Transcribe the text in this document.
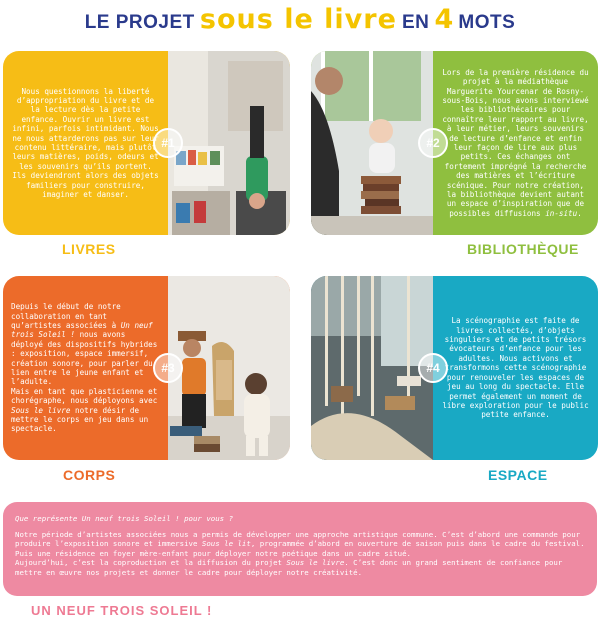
LE PROJET sous le livre EN 4 MOTS

Nous questionnons la liberté d’appropriation du livre et de la lecture dès la petite enfance. Ouvrir un livre est infini, parfois intimidant. Nous ne nous attarderons pas sur leur contenu littéraire, mais plutôt leurs matières, poids, odeurs et les souvenirs qu’ils portent. Ils deviendront alors des objets familiers pour construire, imaginer et danser.

#1
LIVRES
#2

Lors de la première résidence du projet à la médiathèque Marguerite Yourcenar de Rosny-sous-Bois, nous avons interviewé les bibliothécaires pour connaître leur rapport au livre, à leur métier, leurs souvenirs de lecture d’enfance et enfin leur façon de lire aux plus petits. Ces échanges ont fortement imprégné la recherche des matières et l’écriture scénique. Pour notre création, la bibliothèque devient autant un espace d’inspiration que de possibles diffusions in-situ.

BIBLIOTHÈQUE

Depuis le début de notre collaboration en tant qu’artistes associées à Un neuf trois Soleil ! nous avons déployé des dispositifs hybrides : exposition, espace immersif, création sonore, pour parler du lien entre le jeune enfant et l’adulte.
Mais en tant que plasticienne et chorégraphe, nous déployons avec Sous le livre notre désir de mettre le corps en jeu dans un spectacle.

#3
CORPS
#4

La scénographie est faite de livres collectés, d’objets singuliers et de petits trésors évocateurs d’enfance pour les adultes. Nous activons et transformons cette scénographie pour renouveler les espaces de jeu au long du spectacle. Elle permet également un moment de libre exploration pour le public petite enfance.

ESPACE

Que représente Un neuf trois Soleil ! pour vous ?

Notre période d’artistes associées nous a permis de développer une approche artistique commune. C’est d’abord une commande pour produire l’exposition sonore et immersive Sous le lit, programmée d’abord en ouverture de saison puis dans le cadre du festival. Puis une résidence en foyer mère-enfant pour déployer notre poétique dans un cadre situé.

Aujourd’hui, c’est la coproduction et la diffusion du projet Sous le livre. C’est donc un grand sentiment de confiance pour mettre en œuvre nos projets et donner le cadre pour déployer notre créativité.

UN NEUF TROIS SOLEIL !
